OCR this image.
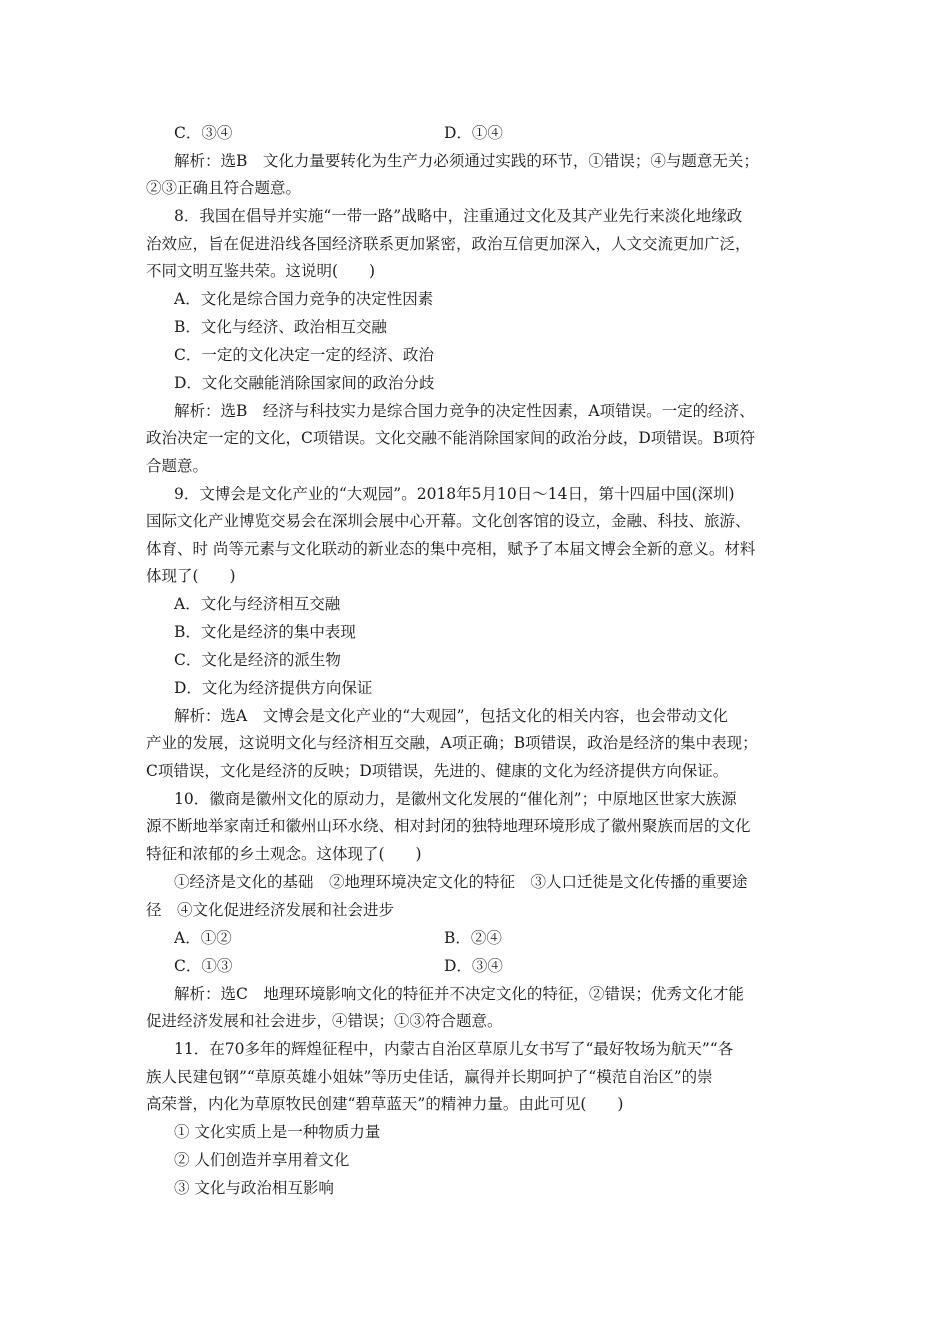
C．③④	D．①④
解析：选B　文化力量要转化为生产力必须通过实践的环节，①错误；④与题意无关；
②③正确且符合题意。
8．我国在倡导并实施“一带一路”战略中，注重通过文化及其产业先行来淡化地缘政
治效应，旨在促进沿线各国经济联系更加紧密，政治互信更加深入，人文交流更加广泛，
不同文明互鉴共荣。这说明(　　)
A．文化是综合国力竞争的决定性因素
B．文化与经济、政治相互交融
C．一定的文化决定一定的经济、政治
D．文化交融能消除国家间的政治分歧
解析：选B　经济与科技实力是综合国力竞争的决定性因素，A项错误。一定的经济、
政治决定一定的文化，C项错误。文化交融不能消除国家间的政治分歧，D项错误。B项符
合题意。
9．文博会是文化产业的“大观园”。2018年5月10日～14日，第十四届中国(深圳)
国际文化产业博览交易会在深圳会展中心开幕。文化创客馆的设立，金融、科技、旅游、
体育、时 尚等元素与文化联动的新业态的集中亮相，赋予了本届文博会全新的意义。材料
体现了(　　)
A．文化与经济相互交融
B．文化是经济的集中表现
C．文化是经济的派生物
D．文化为经济提供方向保证
解析：选A　文博会是文化产业的“大观园”，包括文化的相关内容，也会带动文化
产业的发展，这说明文化与经济相互交融，A项正确；B项错误，政治是经济的集中表现；
C项错误，文化是经济的反映；D项错误，先进的、健康的文化为经济提供方向保证。
10．徽商是徽州文化的原动力，是徽州文化发展的“催化剂”；中原地区世家大族源
源不断地举家南迁和徽州山环水绕、相对封闭的独特地理环境形成了徽州聚族而居的文化
特征和浓郁的乡土观念。这体现了(　　)
①经济是文化的基础　②地理环境决定文化的特征　③人口迁徙是文化传播的重要途
径　④文化促进经济发展和社会进步
A．①②	B．②④
C．①③	D．③④
解析：选C　地理环境影响文化的特征并不决定文化的特征，②错误；优秀文化才能
促进经济发展和社会进步，④错误；①③符合题意。
11．在70多年的辉煌征程中，内蒙古自治区草原儿女书写了“最好牧场为航天”“各
族人民建包钢”“草原英雄小姐妹”等历史佳话，赢得并长期呵护了“模范自治区”的崇
高荣誉，内化为草原牧民创建“碧草蓝天”的精神力量。由此可见(　　)
① 文化实质上是一种物质力量
② 人们创造并享用着文化
③ 文化与政治相互影响
